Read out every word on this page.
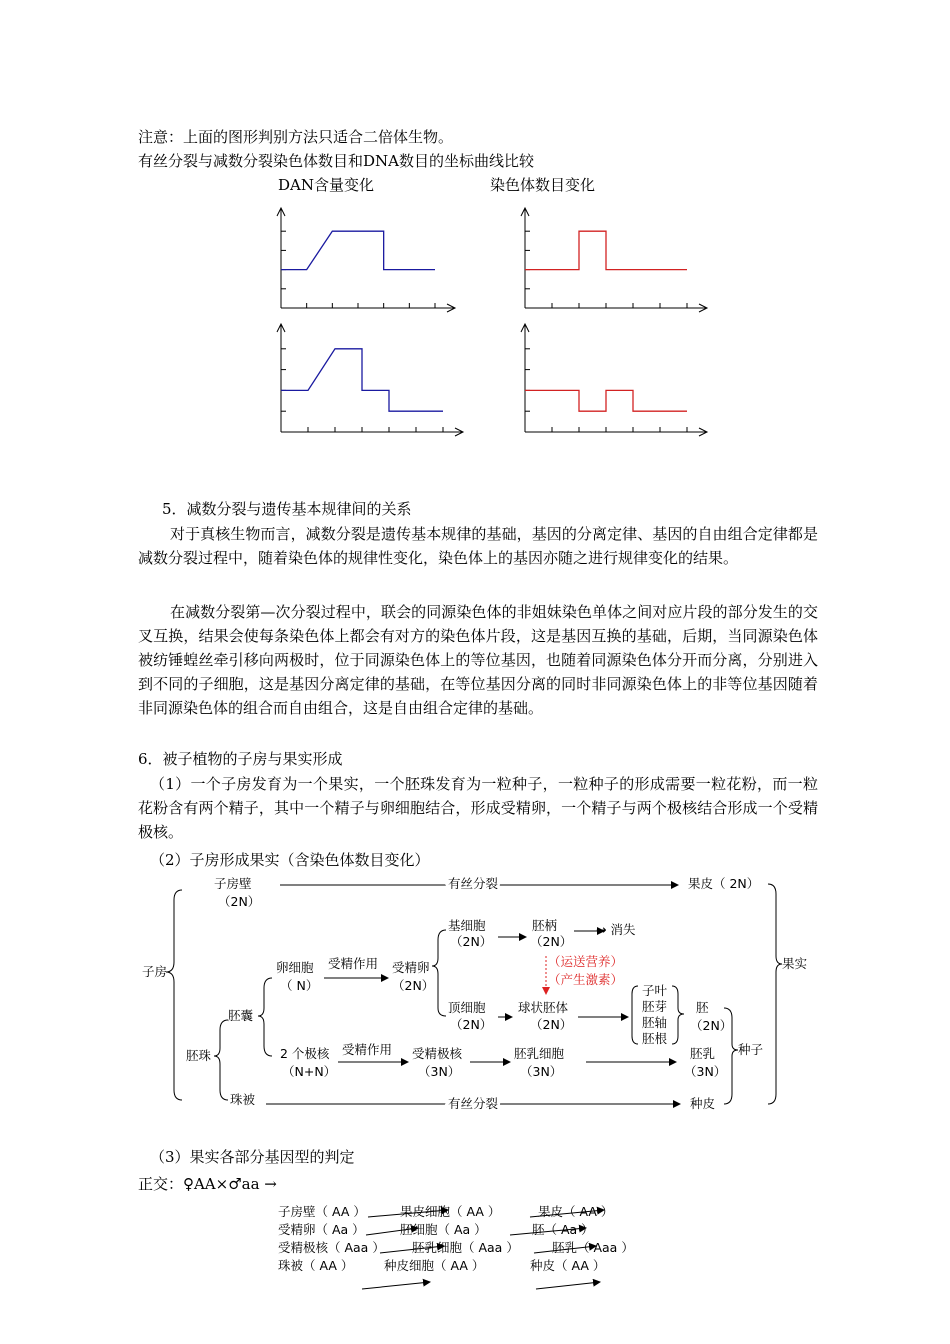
注意：上面的图形判别方法只适合二倍体生物。
有丝分裂与减数分裂染色体数目和DNA数目的坐标曲线比较
DAN含量变化	染色体数目变化
5．减数分裂与遗传基本规律间的关系
对于真核生物而言，减数分裂是遗传基本规律的基础，基因的分离定律、基因的自由组合定律都是减数分裂过程中，随着染色体的规律性变化，染色体上的基因亦随之进行规律变化的结果。
在减数分裂第—次分裂过程中，联会的同源染色体的非姐妹染色单体之间对应片段的部分发生的交叉互换，结果会使每条染色体上都会有对方的染色体片段，这是基因互换的基础，后期，当同源染色体被纺锤蝗丝牵引移向两极时，位于同源染色体上的等位基因，也随着同源染色体分开而分离，分别进入到不同的子细胞，这是基因分离定律的基础，在等位基因分离的同时非同源染色体上的非等位基因随着非同源染色体的组合而自由组合，这是自由组合定律的基础。
6．被子植物的子房与果实形成
（1）一个子房发育为一个果实，一个胚珠发育为一粒种子，一粒种子的形成需要一粒花粉，而一粒花粉含有两个精子，其中一个精子与卵细胞结合，形成受精卵，一个精子与两个极核结合形成一个受精极核。
（2）子房形成果实（含染色体数目变化）
子房壁
（2N）
有丝分裂	果皮（ 2N）
果实
子房
胚珠
胚囊
卵细胞
（ N）
受精作用 受精卵
（2N）
基细胞
（2N）
胚柄
（2N）
→ 消失
（运送营养）
（产生激素）
顶细胞
（2N）
球状胚体
（2N）
子叶
胚芽
胚轴
胚根
胚
（2N）
2 个极核
（N+N）
受精作用 受精极核
（3N）
胚乳细胞
（3N）
胚乳
（3N）
种子
珠被	有丝分裂	种皮
（3）果实各部分基因型的判定
正交：♀AA×♂aa →
子房壁（ AA ）	果皮细胞（ AA ）	果皮（ AA ）
受精卵（ Aa ）	胚细胞（ Aa ）	胚（ Aa ）
受精极核（ Aaa ） 胚乳细胞（ Aaa ）	胚乳（ Aaa ）
珠被（ AA ） 种皮细胞（ AA ）	种皮（ AA ）
